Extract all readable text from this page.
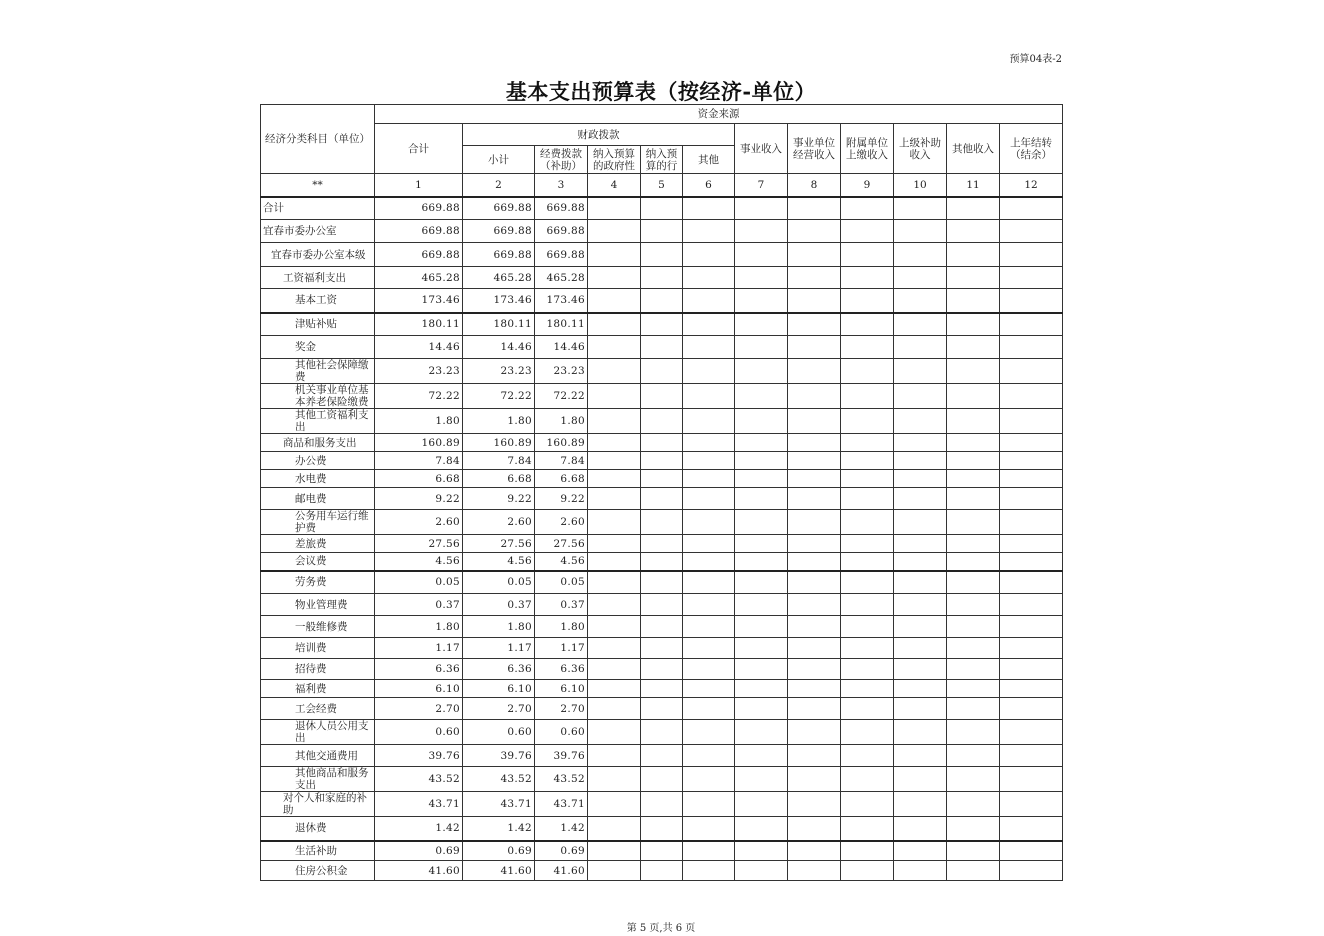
预算04表-2
基本支出预算表（按经济-单位）
经济分类科目（单位）	资金来源											
	合计	财政拨款					事业收入	事业单位经营收入	附属单位上缴收入	上级补助收入	其他收入	上年结转（结余）
		小计	经费拨款（补助）	纳入预算的政府性	纳入预算的行	其他						
**	1	2	3	4	5	6	7	8	9	10	11	12
合计	669.88	669.88	669.88									
宜春市委办公室	669.88	669.88	669.88									
宜春市委办公室本级	669.88	669.88	669.88									
工资福利支出	465.28	465.28	465.28									
基本工资	173.46	173.46	173.46									
津贴补贴	180.11	180.11	180.11									
奖金	14.46	14.46	14.46									
其他社会保障缴费	23.23	23.23	23.23									
机关事业单位基本养老保险缴费	72.22	72.22	72.22									
其他工资福利支出	1.80	1.80	1.80									
商品和服务支出	160.89	160.89	160.89									
办公费	7.84	7.84	7.84									
水电费	6.68	6.68	6.68									
邮电费	9.22	9.22	9.22									
公务用车运行维护费	2.60	2.60	2.60									
差旅费	27.56	27.56	27.56									
会议费	4.56	4.56	4.56									
劳务费	0.05	0.05	0.05									
物业管理费	0.37	0.37	0.37									
一般维修费	1.80	1.80	1.80									
培训费	1.17	1.17	1.17									
招待费	6.36	6.36	6.36									
福利费	6.10	6.10	6.10									
工会经费	2.70	2.70	2.70									
退休人员公用支出	0.60	0.60	0.60									
其他交通费用	39.76	39.76	39.76									
其他商品和服务支出	43.52	43.52	43.52									
对个人和家庭的补助	43.71	43.71	43.71									
退休费	1.42	1.42	1.42									
生活补助	0.69	0.69	0.69									
住房公积金	41.60	41.60	41.60									
第 5 页,共 6 页
